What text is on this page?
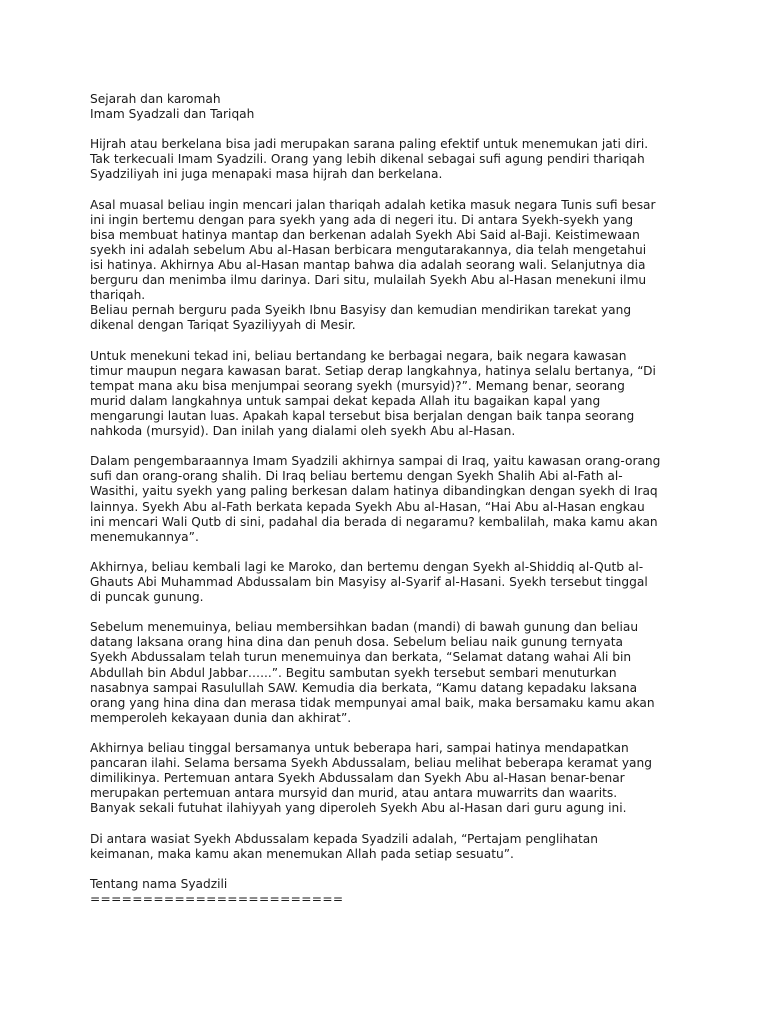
Sejarah dan karomah
Imam Syadzali dan Tariqah
Hijrah atau berkelana bisa jadi merupakan sarana paling efektif untuk menemukan jati diri.
Tak terkecuali Imam Syadzili. Orang yang lebih dikenal sebagai sufi agung pendiri thariqah
Syadziliyah ini juga menapaki masa hijrah dan berkelana.
Asal muasal beliau ingin mencari jalan thariqah adalah ketika masuk negara Tunis sufi besar
ini ingin bertemu dengan para syekh yang ada di negeri itu. Di antara Syekh-syekh yang
bisa membuat hatinya mantap dan berkenan adalah Syekh Abi Said al-Baji. Keistimewaan
syekh ini adalah sebelum Abu al-Hasan berbicara mengutarakannya, dia telah mengetahui
isi hatinya. Akhirnya Abu al-Hasan mantap bahwa dia adalah seorang wali. Selanjutnya dia
berguru dan menimba ilmu darinya. Dari situ, mulailah Syekh Abu al-Hasan menekuni ilmu
thariqah.
Beliau pernah berguru pada Syeikh Ibnu Basyisy dan kemudian mendirikan tarekat yang
dikenal dengan Tariqat Syaziliyyah di Mesir.
Untuk menekuni tekad ini, beliau bertandang ke berbagai negara, baik negara kawasan
timur maupun negara kawasan barat. Setiap derap langkahnya, hatinya selalu bertanya, “Di
tempat mana aku bisa menjumpai seorang syekh (mursyid)?”. Memang benar, seorang
murid dalam langkahnya untuk sampai dekat kepada Allah itu bagaikan kapal yang
mengarungi lautan luas. Apakah kapal tersebut bisa berjalan dengan baik tanpa seorang
nahkoda (mursyid). Dan inilah yang dialami oleh syekh Abu al-Hasan.
Dalam pengembaraannya Imam Syadzili akhirnya sampai di Iraq, yaitu kawasan orang-orang
sufi dan orang-orang shalih. Di Iraq beliau bertemu dengan Syekh Shalih Abi al-Fath al-
Wasithi, yaitu syekh yang paling berkesan dalam hatinya dibandingkan dengan syekh di Iraq
lainnya. Syekh Abu al-Fath berkata kepada Syekh Abu al-Hasan, “Hai Abu al-Hasan engkau
ini mencari Wali Qutb di sini, padahal dia berada di negaramu? kembalilah, maka kamu akan
menemukannya”.
Akhirnya, beliau kembali lagi ke Maroko, dan bertemu dengan Syekh al-Shiddiq al-Qutb al-
Ghauts Abi Muhammad Abdussalam bin Masyisy al-Syarif al-Hasani. Syekh tersebut tinggal
di puncak gunung.
Sebelum menemuinya, beliau membersihkan badan (mandi) di bawah gunung dan beliau
datang laksana orang hina dina dan penuh dosa. Sebelum beliau naik gunung ternyata
Syekh Abdussalam telah turun menemuinya dan berkata, “Selamat datang wahai Ali bin
Abdullah bin Abdul Jabbar…...”. Begitu sambutan syekh tersebut sembari menuturkan
nasabnya sampai Rasulullah SAW. Kemudia dia berkata, “Kamu datang kepadaku laksana
orang yang hina dina dan merasa tidak mempunyai amal baik, maka bersamaku kamu akan
memperoleh kekayaan dunia dan akhirat”.
Akhirnya beliau tinggal bersamanya untuk beberapa hari, sampai hatinya mendapatkan
pancaran ilahi. Selama bersama Syekh Abdussalam, beliau melihat beberapa keramat yang
dimilikinya. Pertemuan antara Syekh Abdussalam dan Syekh Abu al-Hasan benar-benar
merupakan pertemuan antara mursyid dan murid, atau antara muwarrits dan waarits.
Banyak sekali futuhat ilahiyyah yang diperoleh Syekh Abu al-Hasan dari guru agung ini.
Di antara wasiat Syekh Abdussalam kepada Syadzili adalah, “Pertajam penglihatan
keimanan, maka kamu akan menemukan Allah pada setiap sesuatu”.
Tentang nama Syadzili
========================
